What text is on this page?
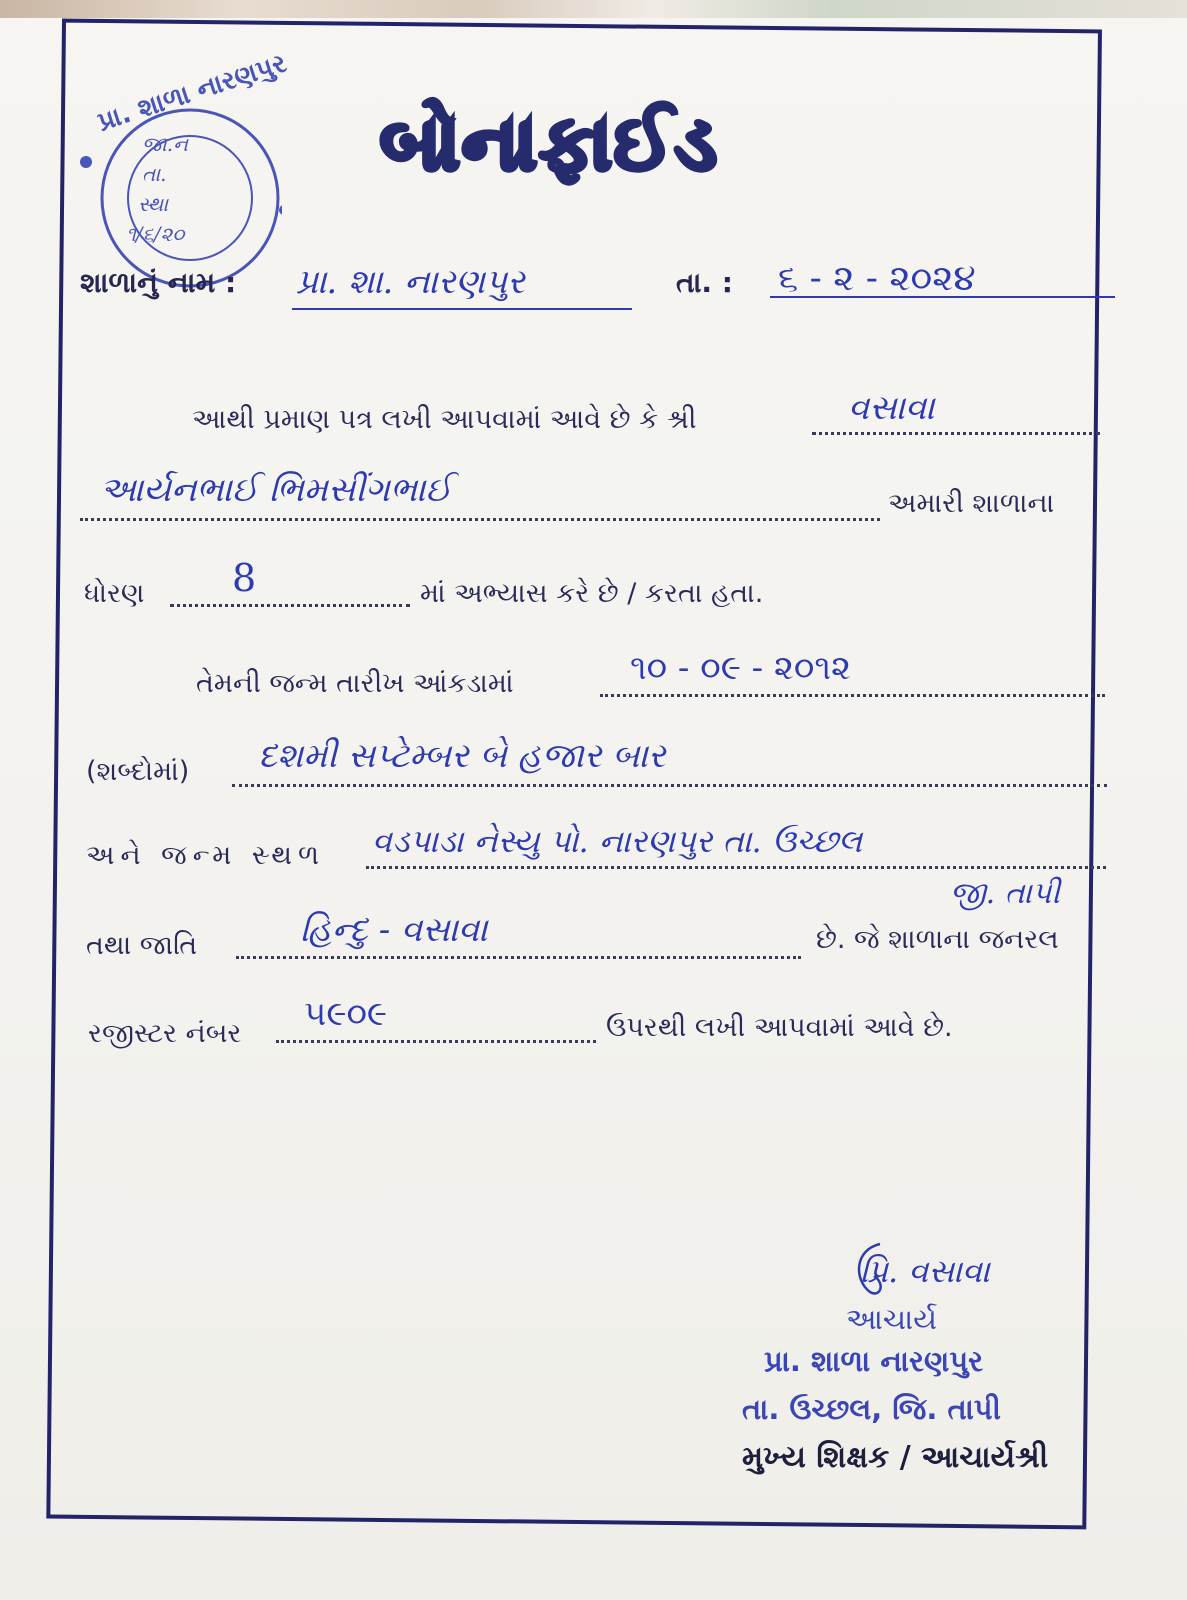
પ્રા. શાળા નારણપુર
જા.નં
તા.
સ્થા
૧/૬/૨૦
બોનાફાઈડ
શાળાનું નામ : પ્રા. શા. નારણપુર	તા. : ૬ - ૨ - ૨૦૨૪
આથી પ્રમાણ પત્ર લખી આપવામાં આવે છે કે શ્રી	વસાવા
આર્યનભાઈ ભિમસીંગભાઈ	અમારી શાળાના
ધોરણ 8	માં અભ્યાસ કરે છે / કરતા હતા.
તેમની જન્મ તારીખ આંકડામાં	૧૦ - ૦૯ - ૨૦૧૨
(શબ્દોમાં) દશમી સપ્ટેમ્બર બે હજાર બાર
અને જન્મ સ્થળ વડપાડા નેસ્યુ પો. નારણપુર તા. ઉચ્છલ
જી. તાપી
તથા જાતિ	હિન્દુ - વસાવા	છે. જે શાળાના જનરલ
રજીસ્ટર નંબર ૫૯૦૯	ઉપરથી લખી આપવામાં આવે છે.
પ્રિ. વસાવા
આચાર્ય
પ્રા. શાળા નારણપુર
તા. ઉચ્છલ, જિ. તાપી
મુખ્ય શિક્ષક / આચાર્યશ્રી
